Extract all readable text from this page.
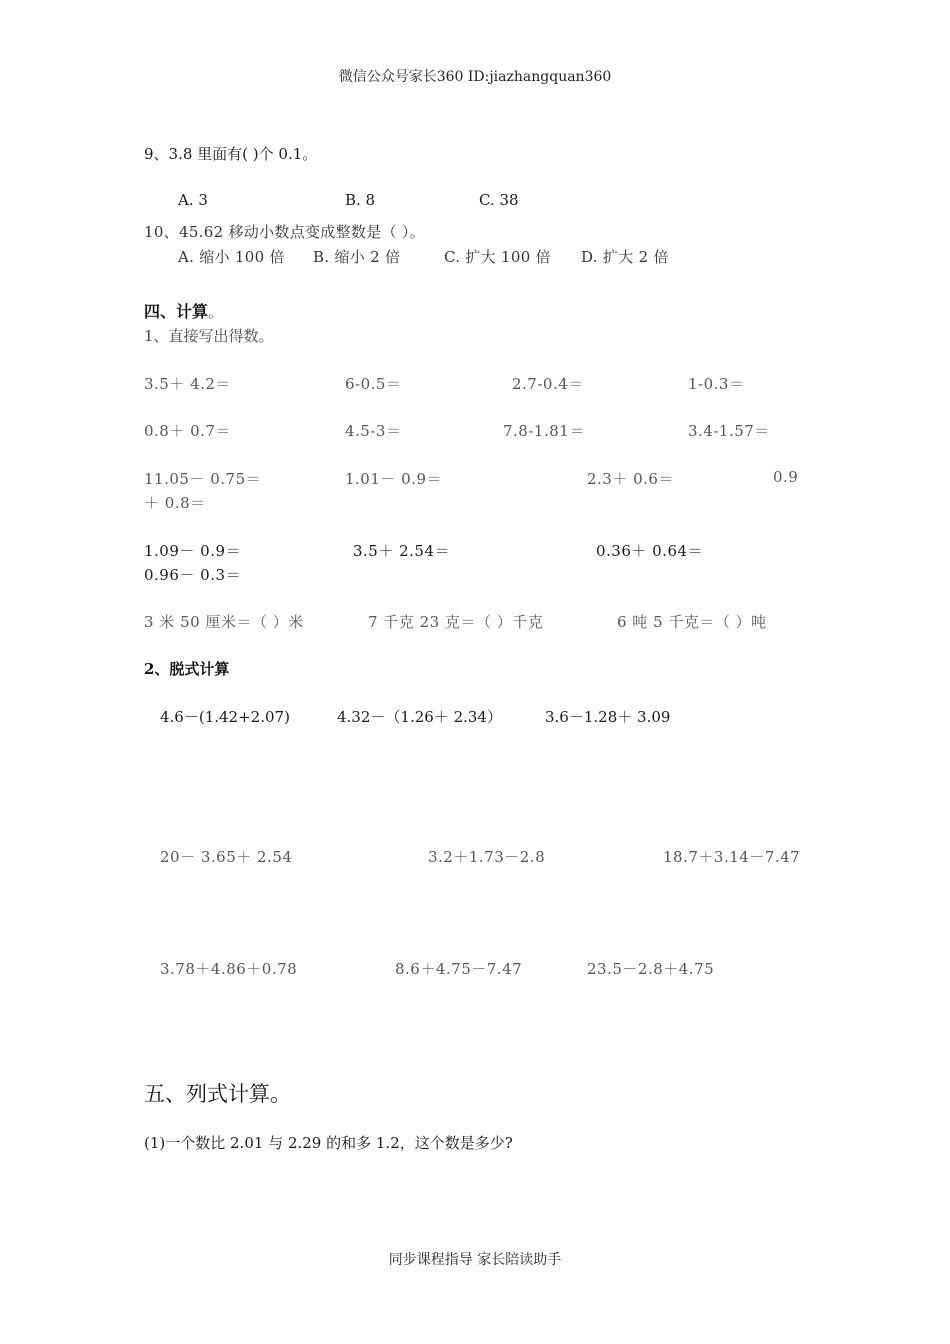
微信公众号家长360 ID:jiazhangquan360
9、3.8 里面有( )个 0.1。
A. 3	B. 8	C. 38
10、45.62 移动小数点变成整数是（ ）。
A. 缩小 100 倍 B. 缩小 2 倍	C. 扩大 100 倍 D. 扩大 2 倍
四、计算。
1、直接写出得数。
3.5＋ 4.2＝	6-0.5＝	2.7-0.4＝	1-0.3＝
0.8＋ 0.7＝	4.5-3＝	7.8-1.81＝	3.4-1.57＝
11.05－ 0.75＝	1.01－ 0.9＝	2.3＋ 0.6＝	0.9
＋ 0.8＝
1.09－ 0.9＝	3.5＋ 2.54＝	0.36＋ 0.64＝
0.96－ 0.3＝
3 米 50 厘米＝（ ）米	7 千克 23 克＝（ ）千克	6 吨 5 千克＝（ ）吨
2、脱式计算
4.6－(1.42+2.07)	4.32－（1.26＋ 2.34）	3.6－1.28＋ 3.09
20－ 3.65＋ 2.54	3.2＋1.73－2.8	18.7＋3.14－7.47
3.78＋4.86＋0.78	8.6＋4.75－7.47	23.5－2.8＋4.75
五、列式计算。
(1)一个数比 2.01 与 2.29 的和多 1.2，这个数是多少?
同步课程指导 家长陪读助手
